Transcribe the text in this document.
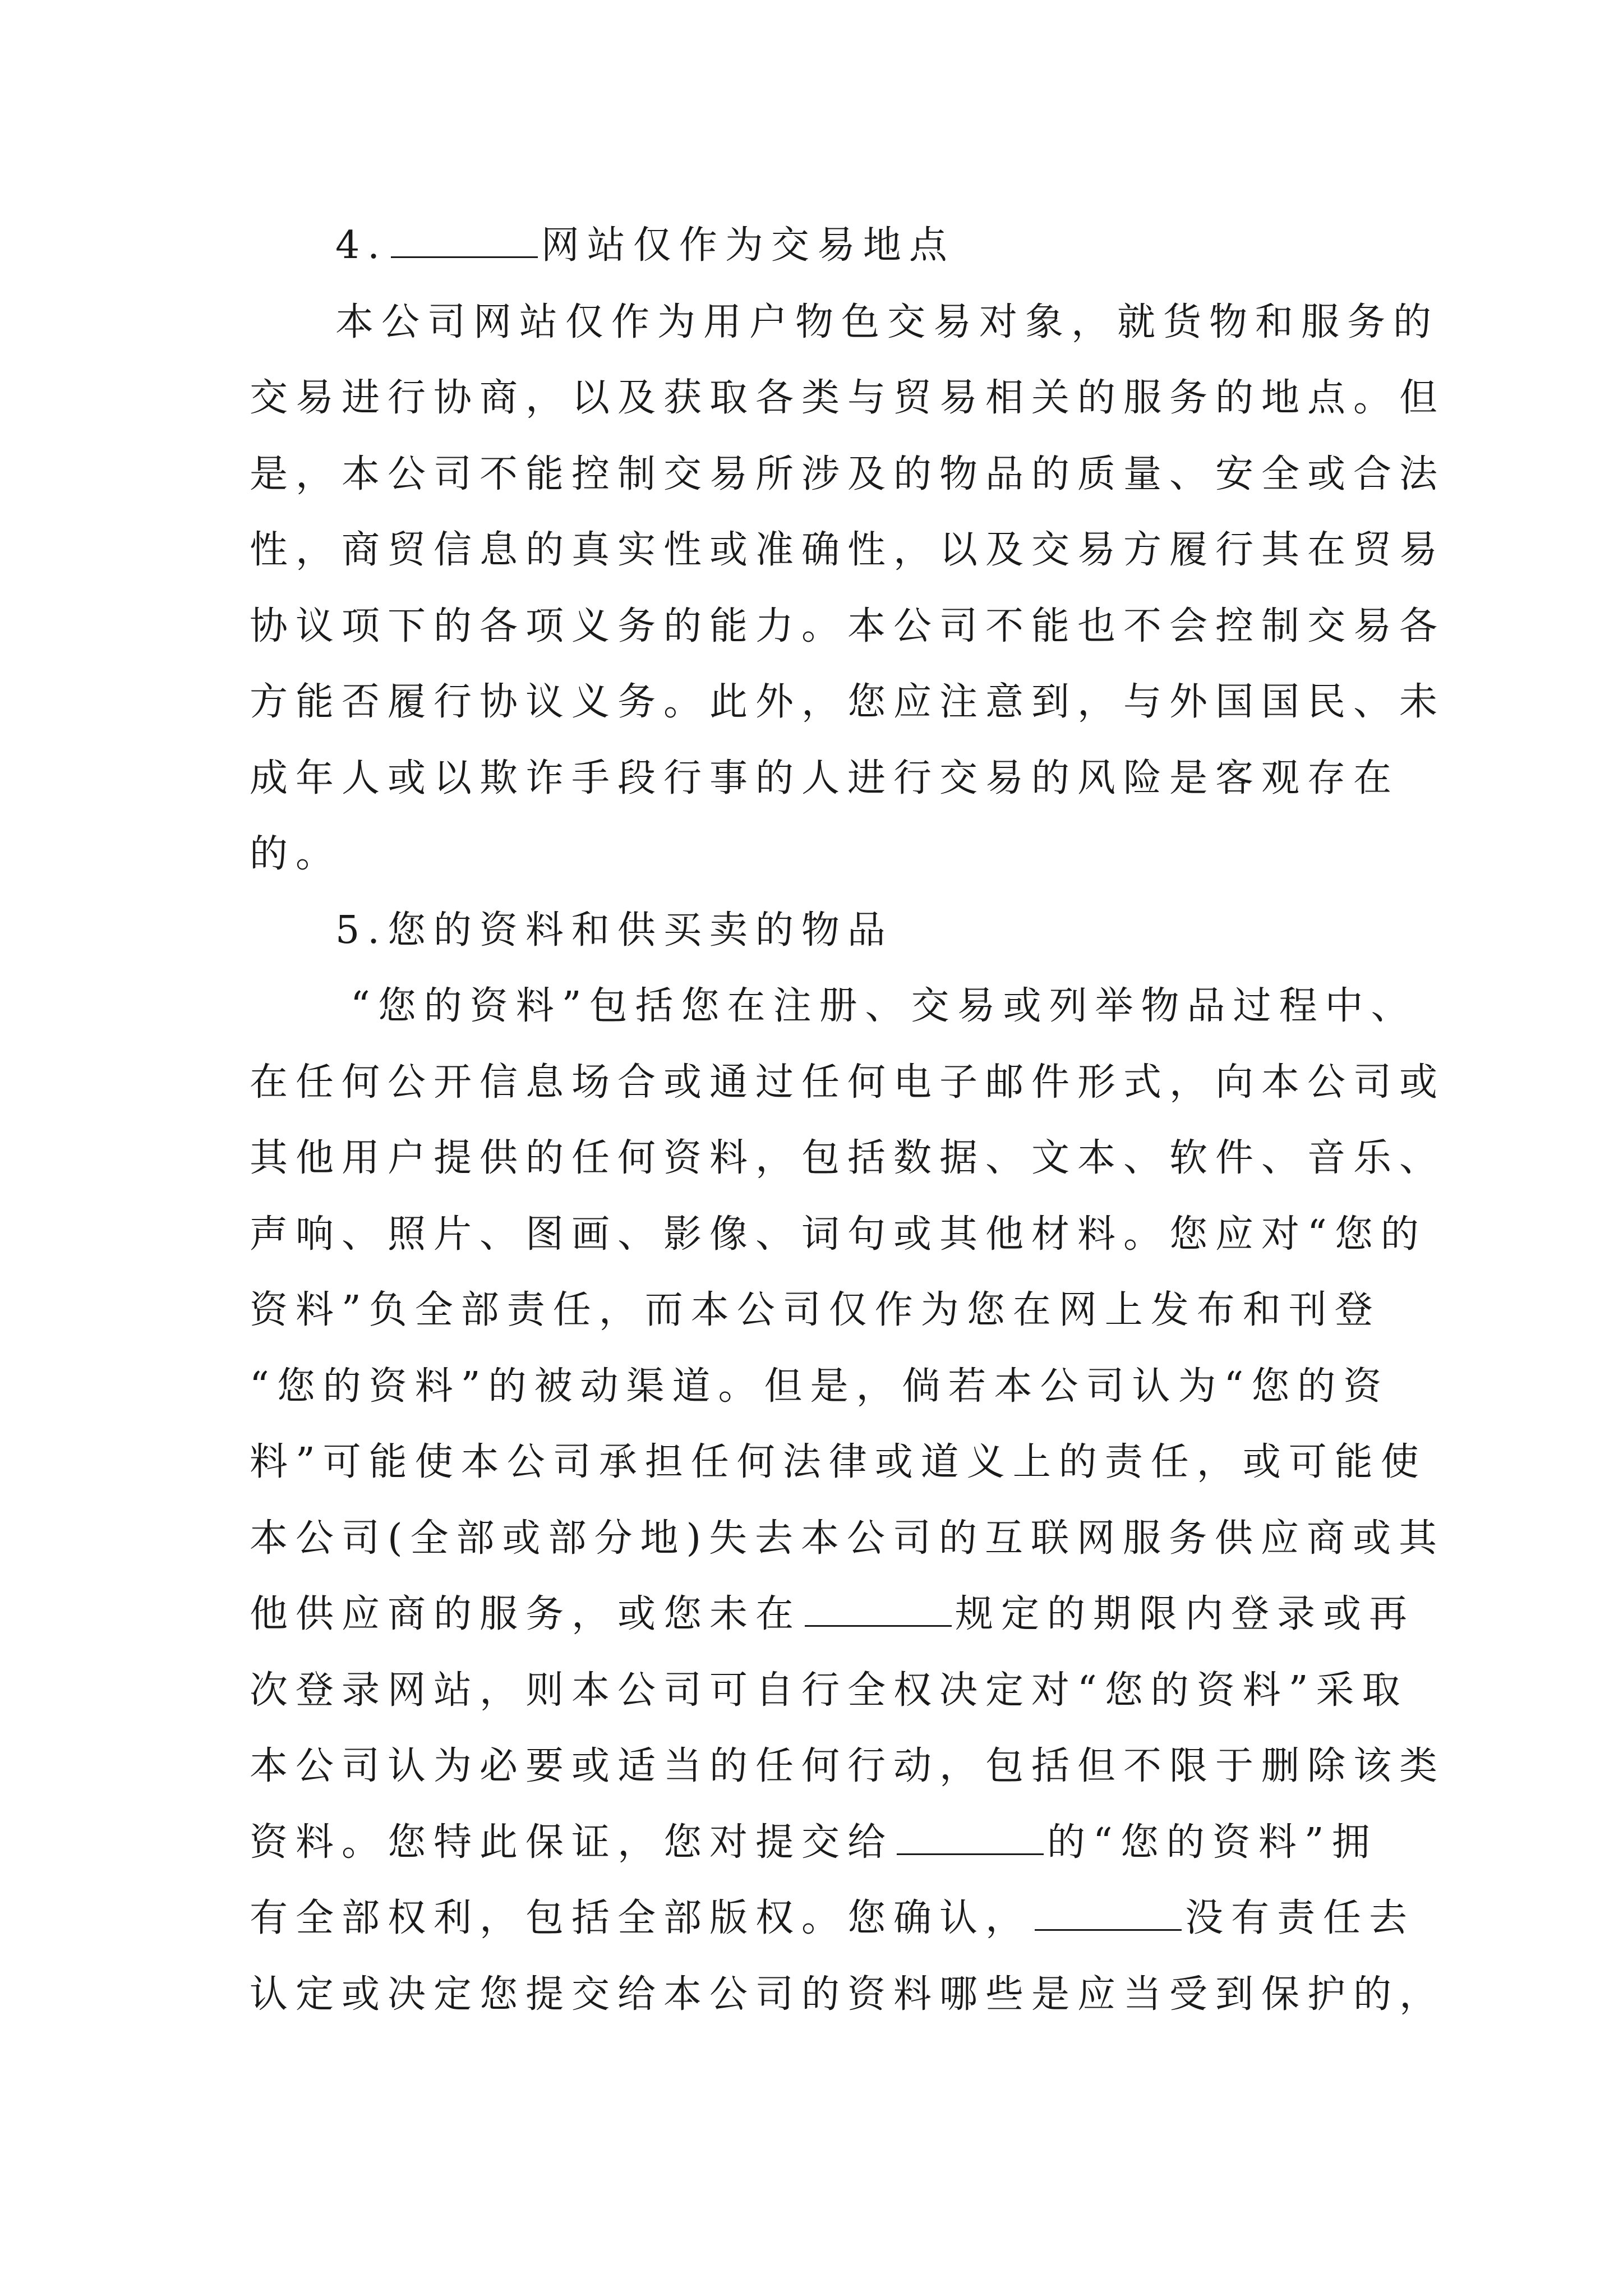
4.	网站仅作为交易地点
本公司网站仅作为用户物色交易对象，就货物和服务的
交易进行协商，以及获取各类与贸易相关的服务的地点。但
是，本公司不能控制交易所涉及的物品的质量、安全或合法
性，商贸信息的真实性或准确性，以及交易方履行其在贸易
协议项下的各项义务的能力。本公司不能也不会控制交易各
方能否履行协议义务。此外，您应注意到，与外国国民、未
成年人或以欺诈手段行事的人进行交易的风险是客观存在
的。
5.您的资料和供买卖的物品
“您的资料”包括您在注册、交易或列举物品过程中、
在任何公开信息场合或通过任何电子邮件形式，向本公司或
其他用户提供的任何资料，包括数据、文本、软件、音乐、
声响、照片、图画、影像、词句或其他材料。您应对“您的
资料”负全部责任，而本公司仅作为您在网上发布和刊登
“您的资料”的被动渠道。但是，倘若本公司认为“您的资
料”可能使本公司承担任何法律或道义上的责任，或可能使
本公司(全部或部分地)失去本公司的互联网服务供应商或其
他供应商的服务，或您未在	规定的期限内登录或再
次登录网站，则本公司可自行全权决定对“您的资料”采取
本公司认为必要或适当的任何行动，包括但不限于删除该类
资料。您特此保证，您对提交给	的“您的资料”拥
有全部权利，包括全部版权。您确认，	没有责任去
认定或决定您提交给本公司的资料哪些是应当受到保护的，
